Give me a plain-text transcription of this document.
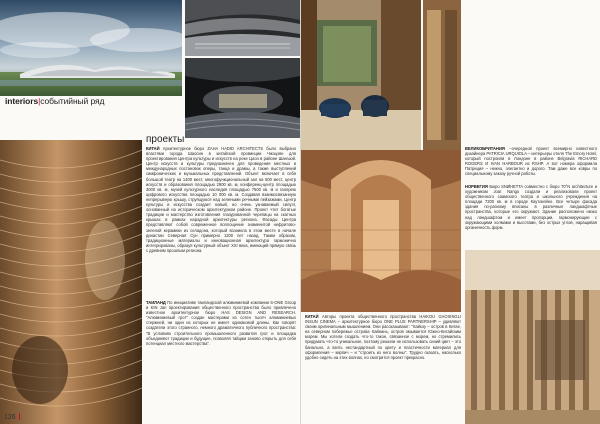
interiors|событийный ряд
проекты
КИТАЙ Архитектурное бюро ZAHA HADID ARCHITECTS было выбрано властями города Шаосин в китайской провинции Чжэцзян для проектирования Центра культуры и искусств на реке Цаоэ в районе Шанъюй. Центр искусств и культуры предназначен для проведения местных и международных постановок оперы, танца и драмы, а также выступлений симфонических и музыкальных представлений. Объект включает в себя большой театр на 1400 мест, многофункциональный зал на 500 мест, центр искусств и образования площадью 2900 кв. м, конференц-центр площадью 3000 кв. м, музей культурного наследия площадью 7500 кв. м и галерею цифрового искусства площадью 10 000 кв. м. Создавая взаимосвязанную непрерывную крышу, струящуюся над зелеными речными пейзажами, Центр культуры и искусства создает новый, но очень узнаваемый силуэт, основанный на историческом архитектурном районе. Проект чтит богатые традиции и мастерство изготовления глазурованной черепицы на скатных крышах в рамках народной архитектуры региона. Фасады Центра представляют собой современное воплощение знаменитой нефритово-зеленой керамики из селадона, который возникла в этом месте в начале династии Северная Сун примерно 1200 лет назад. Таким образом, традиционные материалы и инновационная архитектура гармонично интегрированы, образуя культурный объект XXI века, имеющий прямую связь с древним прошлым региона.
ТАИЛАНД По инициативе таиландской алюминиевой компании S-ONE Group и KIN Jan проектирования общественного пространства было привлечено известное архитектурное бюро HAS DESIGN AND RESEARCH. "Алюминиевый грот" создан мастерами из сотен тысяч алюминиевых стержней, ни один из которых не имеет одинаковой длины. Как говорят создатели этого странного, немного драматичного публичного пространства: "В условиях строительного промышленного развития грот и площадка объединяют традиции и будущее, позволяя тайцам заново открыть для себя потенциал местного мастерства".
126
ВЕЛИКОБРИТАНИЯ –очередной проект всемирно известного дизайнера PATRICIA URQUIOLA – интерьеры отеля The Emory Hotel, который построили в Лондоне в районе Belgravia RICHARD ROGERS И IVAN HARBOUR из RSHP. А вот номера оформила Патриция – нежно, элегантно и дорого. Там даже все ковры по специальному заказу ручной работы.
НОРВЕГИЯ Бюро SNØHETTA совместно с бюро 70°N architecture и художником Joar Nango создали и реализовали проект общественного саамского театра и школьного учреждения на площади 7200 кв. м в городе Каутокейно. Все четыре фасада здания по-разному вписаны в различные ландшафтные пространства, которые его окружают. Здание расположено низко над ландшафтом и имеет пропорции, гармонирующие с окружающими холмами и высотами, без острых углов, наращивая органичность форм.
КИТАЙ Авторы проекта общественного пространства HAIKOU GAOXINGLI INSUN CINEMA – архитектурное бюро ONE PLUS PARTNERSHIP – удивляют своим оригинальным мышлением. Они рассказывают: "Хайкоу – остров в Китае, на северном побережье острова Хайнань, остров омывается Южно-Китайским морем. Мы хотели создать что-то такое, связанное с морем, но стремились придумать что-то уникальное, поэтому решили не использовать синий цвет – это банально, а взять нестандартный по цвету и пластичности материал для оформления – кирпич – и "строить из него волны". Трудно сказать, насколько удобно сидеть на этих волнах, но смотрится проект прекрасно.
